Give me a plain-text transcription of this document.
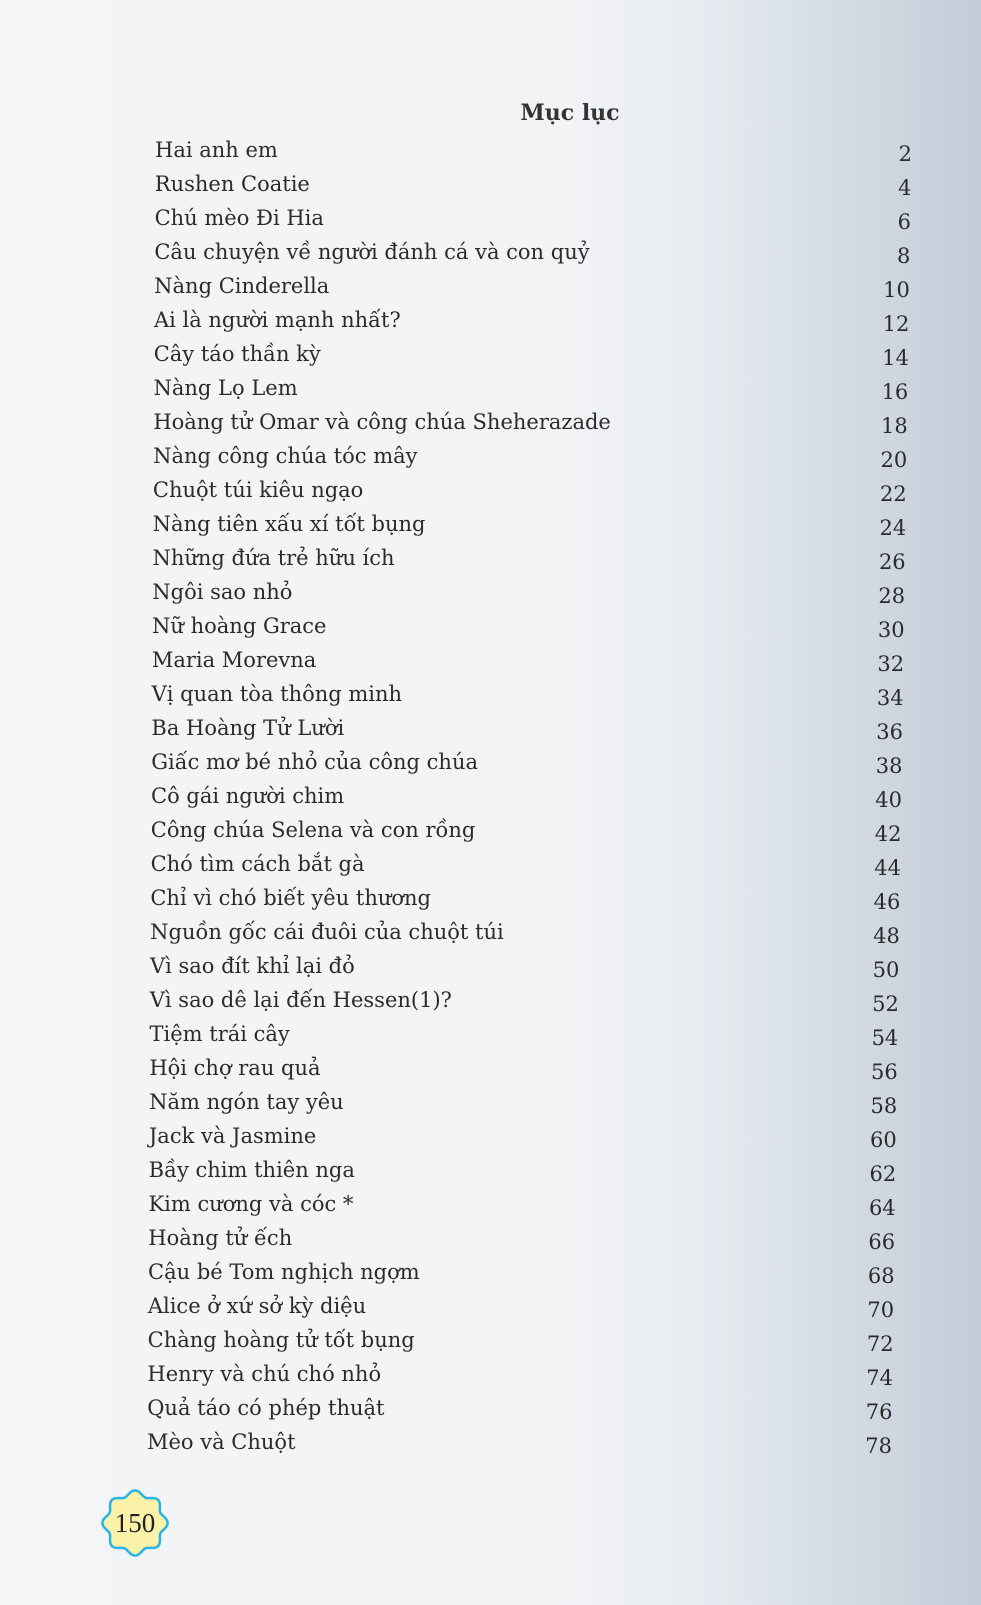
Mục lục
Hai anh em	2
Rushen Coatie	4
Chú mèo Đi Hia	6
Câu chuyện về người đánh cá và con quỷ	8
Nàng Cinderella	10
Ai là người mạnh nhất?	12
Cây táo thần kỳ	14
Nàng Lọ Lem	16
Hoàng tử Omar và công chúa Sheherazade	18
Nàng công chúa tóc mây	20
Chuột túi kiêu ngạo	22
Nàng tiên xấu xí tốt bụng	24
Những đứa trẻ hữu ích	26
Ngôi sao nhỏ	28
Nữ hoàng Grace	30
Maria Morevna	32
Vị quan tòa thông minh	34
Ba Hoàng Tử Lười	36
Giấc mơ bé nhỏ của công chúa	38
Cô gái người chim	40
Công chúa Selena và con rồng	42
Chó tìm cách bắt gà	44
Chỉ vì chó biết yêu thương	46
Nguồn gốc cái đuôi của chuột túi	48
Vì sao đít khỉ lại đỏ	50
Vì sao dê lại đến Hessen(1)?	52
Tiệm trái cây	54
Hội chợ rau quả	56
Năm ngón tay yêu	58
Jack và Jasmine	60
Bầy chim thiên nga	62
Kim cương và cóc *	64
Hoàng tử ếch	66
Cậu bé Tom nghịch ngợm	68
Alice ở xứ sở kỳ diệu	70
Chàng hoàng tử tốt bụng	72
Henry và chú chó nhỏ	74
Quả táo có phép thuật	76
Mèo và Chuột	78
150
